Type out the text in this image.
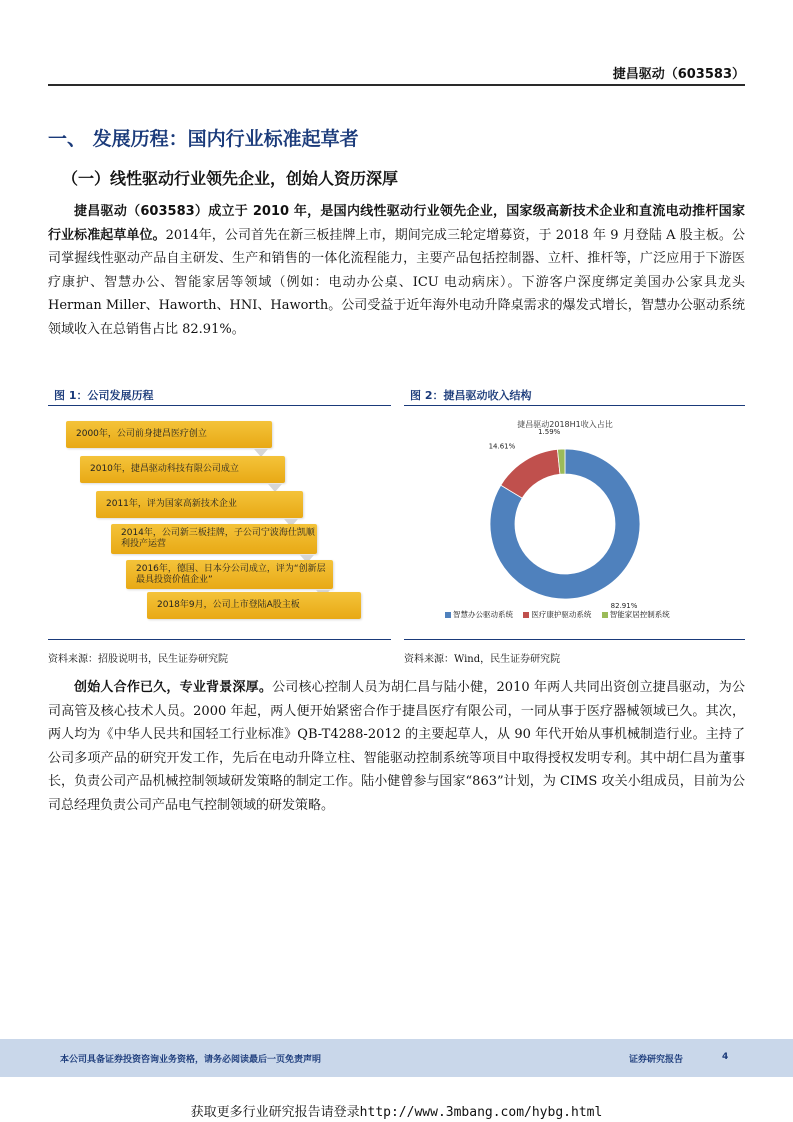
捷昌驱动（603583）
一、 发展历程：国内行业标准起草者
（一）线性驱动行业领先企业，创始人资历深厚
捷昌驱动（603583）成立于 2010 年，是国内线性驱动行业领先企业，国家级高新技术企业和直流电动推杆国家行业标准起草单位。2014年，公司首先在新三板挂牌上市，期间完成三轮定增募资，于 2018 年 9 月登陆 A 股主板。公司掌握线性驱动产品自主研发、生产和销售的一体化流程能力，主要产品包括控制器、立杆、推杆等，广泛应用于下游医疗康护、智慧办公、智能家居等领域（例如：电动办公桌、ICU 电动病床）。下游客户深度绑定美国办公家具龙头 Herman Miller、Haworth、HNI、Haworth。公司受益于近年海外电动升降桌需求的爆发式增长，智慧办公驱动系统领域收入在总销售占比 82.91%。
图 1：公司发展历程
2000年，公司前身捷昌医疗创立
2010年，捷昌驱动科技有限公司成立
2011年，评为国家高新技术企业
2014年，公司新三板挂牌，子公司宁波海仕凯顺利投产运营
2016年，德国、日本分公司成立，评为“创新层最具投资价值企业”
2018年9月，公司上市登陆A股主板
资料来源：招股说明书，民生证券研究院
图 2：捷昌驱动收入结构
捷昌驱动2018H1收入占比
82.91%
14.61%
1.59%
智慧办公驱动系统 医疗康护驱动系统 智能家居控制系统
资料来源：Wind，民生证券研究院
创始人合作已久，专业背景深厚。公司核心控制人员为胡仁昌与陆小健，2010 年两人共同出资创立捷昌驱动，为公司高管及核心技术人员。2000 年起，两人便开始紧密合作于捷昌医疗有限公司，一同从事于医疗器械领域已久。其次，两人均为《中华人民共和国轻工行业标准》QB-T4288-2012 的主要起草人，从 90 年代开始从事机械制造行业。主持了公司多项产品的研究开发工作，先后在电动升降立柱、智能驱动控制系统等项目中取得授权发明专利。其中胡仁昌为董事长，负责公司产品机械控制领域研发策略的制定工作。陆小健曾参与国家“863”计划，为 CIMS 攻关小组成员，目前为公司总经理负责公司产品电气控制领域的研发策略。
本公司具备证券投资咨询业务资格，请务必阅读最后一页免责声明	证券研究报告	4
获取更多行业研究报告请登录http://www.3mbang.com/hybg.html
